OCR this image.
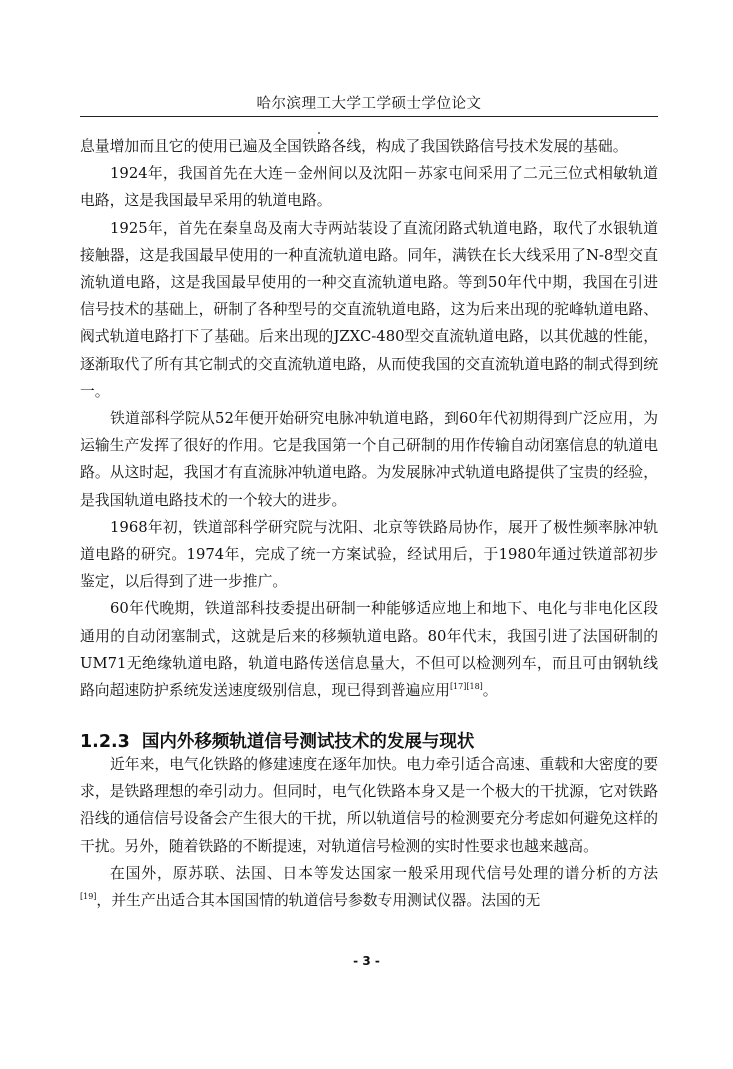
哈尔滨理工大学工学硕士学位论文

息量增加而且它的使用已遍及全国铁路各线，构成了我国铁路信号技术发展的基础。

1924年，我国首先在大连－金州间以及沈阳－苏家屯间采用了二元三位式相敏轨道电路，这是我国最早采用的轨道电路。

1925年，首先在秦皇岛及南大寺两站装设了直流闭路式轨道电路，取代了水银轨道接触器，这是我国最早使用的一种直流轨道电路。同年，满铁在长大线采用了N-8型交直流轨道电路，这是我国最早使用的一种交直流轨道电路。等到50年代中期，我国在引进信号技术的基础上，研制了各种型号的交直流轨道电路，这为后来出现的驼峰轨道电路、阀式轨道电路打下了基础。后来出现的JZXC-480型交直流轨道电路，以其优越的性能，逐渐取代了所有其它制式的交直流轨道电路，从而使我国的交直流轨道电路的制式得到统一。

铁道部科学院从52年便开始研究电脉冲轨道电路，到60年代初期得到广泛应用，为运输生产发挥了很好的作用。它是我国第一个自己研制的用作传输自动闭塞信息的轨道电路。从这时起，我国才有直流脉冲轨道电路。为发展脉冲式轨道电路提供了宝贵的经验，是我国轨道电路技术的一个较大的进步。

1968年初，铁道部科学研究院与沈阳、北京等铁路局协作，展开了极性频率脉冲轨道电路的研究。1974年，完成了统一方案试验，经试用后，于1980年通过铁道部初步鉴定，以后得到了进一步推广。

60年代晚期，铁道部科技委提出研制一种能够适应地上和地下、电化与非电化区段通用的自动闭塞制式，这就是后来的移频轨道电路。80年代末，我国引进了法国研制的UM71无绝缘轨道电路，轨道电路传送信息量大，不但可以检测列车，而且可由钢轨线路向超速防护系统发送速度级别信息，现已得到普遍应用[17][18]。

1.2.3 国内外移频轨道信号测试技术的发展与现状

近年来，电气化铁路的修建速度在逐年加快。电力牵引适合高速、重载和大密度的要求，是铁路理想的牵引动力。但同时，电气化铁路本身又是一个极大的干扰源，它对铁路沿线的通信信号设备会产生很大的干扰，所以轨道信号的检测要充分考虑如何避免这样的干扰。另外，随着铁路的不断提速，对轨道信号检测的实时性要求也越来越高。

在国外，原苏联、法国、日本等发达国家一般采用现代信号处理的谱分析的方法[19]，并生产出适合其本国国情的轨道信号参数专用测试仪器。法国的无

- 3 -
